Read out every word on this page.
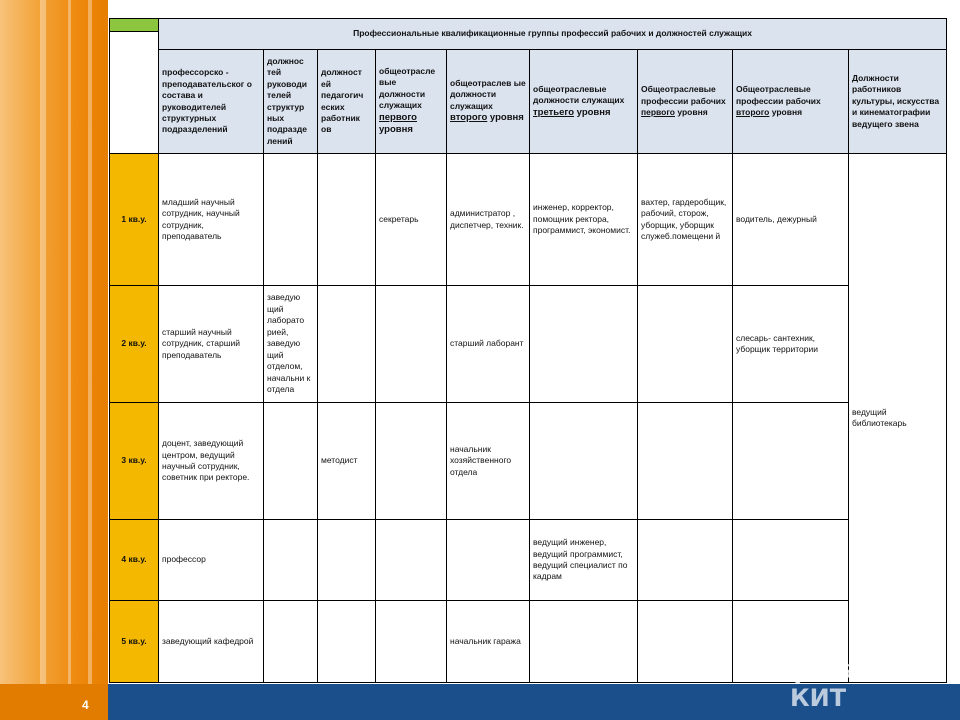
	Профессиональные квалификационные группы профессий рабочих и должностей служащих								

	профессорско - преподавательског о состава и руководителей структурных подразделений	должнос тей руководи телей структур ных подразде лений	должност ей педагогич еских работник ов	общеотрасле вые должности служащих первого уровня	общеотраслев ые должности служащих второго уровня	общеотраслевые должности служащих третьего уровня	Общеотраслевые профессии рабочих первого уровня	Общеотраслевые профессии рабочих второго уровня	Должности работников культуры, искусства и кинематографии ведущего звена
1 кв.у.	младший научный сотрудник, научный сотрудник, преподаватель			секретарь	администратор , диспетчер, техник.	инженер, корректор, помощник ректора, программист, экономист.	вахтер, гардеробщик, рабочий, сторож, уборщик, уборщик служеб.помещени й	водитель, дежурный	ведущий библиотекарь
2 кв.у.	старший научный сотрудник, старший преподаватель	заведую щий лаборато рией, заведую щий отделом, начальни к отдела			старший лаборант			слесарь- сантехник, уборщик территории	
3 кв.у.	доцент, заведующий центром, ведущий научный сотрудник, советник при ректоре.		методист		начальник хозяйственного отдела				
4 кв.у.	профессор					ведущий инженер, ведущий программист, ведущий специалист по кадрам			
5 кв.у.	заведующий кафедрой				начальник гаража				
4
MyShared
КИТ
